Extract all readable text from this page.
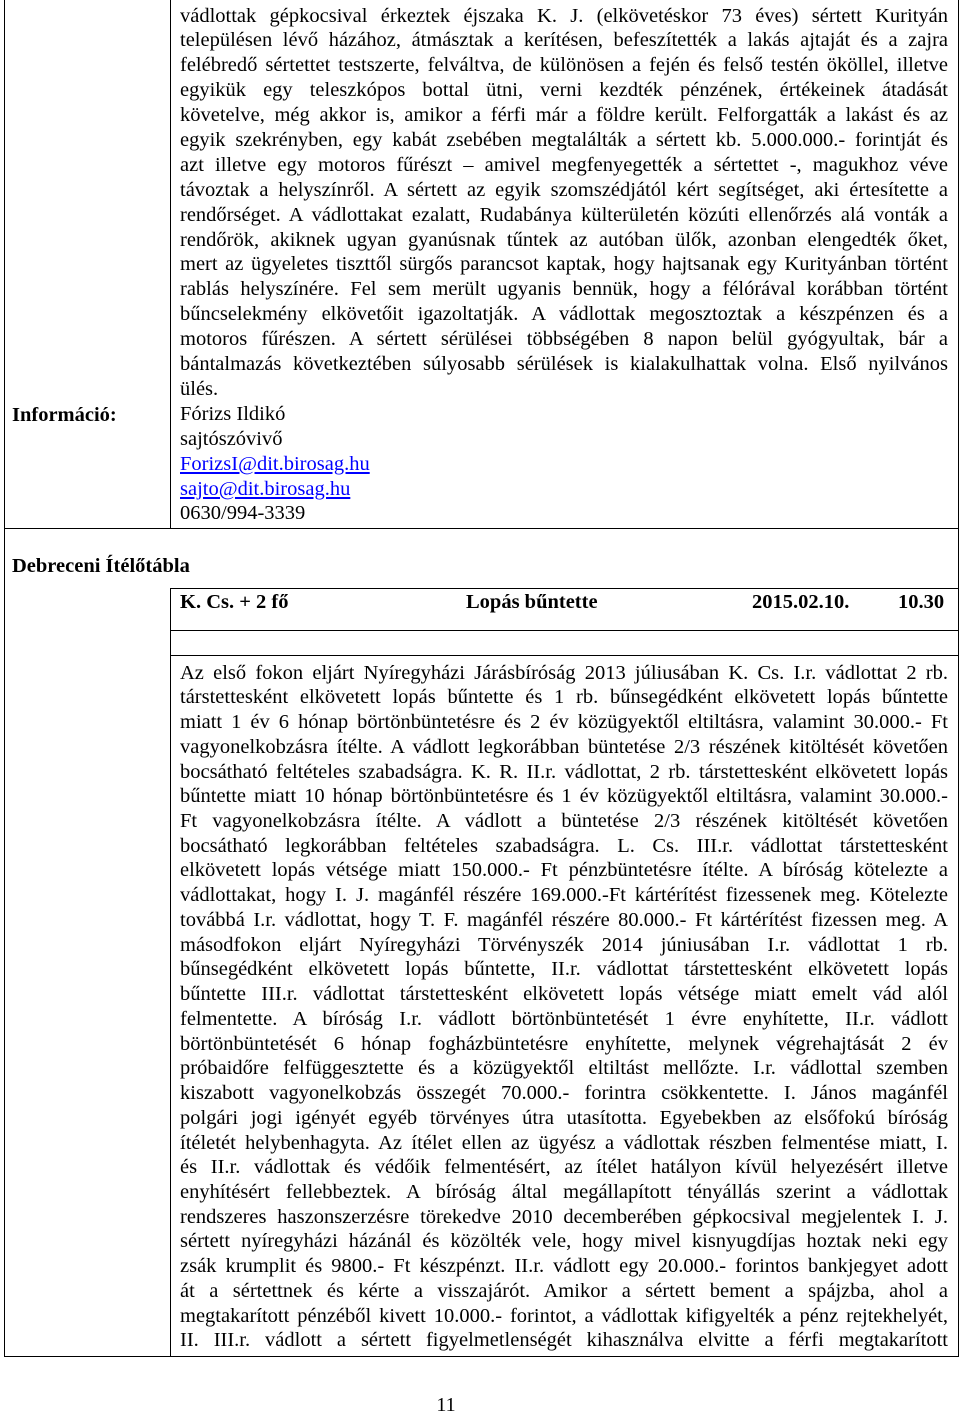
Információ:
vádlottak gépkocsival érkeztek éjszaka K. J. (elkövetéskor 73 éves) sértett Kurityán
településen lévő házához, átmásztak a kerítésen, befeszítették a lakás ajtaját és a zajra
felébredő sértettet testszerte, felváltva, de különösen a fején és felső testén ököllel, illetve
egyikük egy teleszkópos bottal ütni, verni kezdték pénzének, értékeinek átadását
követelve, még akkor is, amikor a férfi már a földre került. Felforgatták a lakást és az
egyik szekrényben, egy kabát zsebében megtalálták a sértett kb. 5.000.000.- forintját és
azt illetve egy motoros fűrészt – amivel megfenyegették a sértettet -, magukhoz véve
távoztak a helyszínről. A sértett az egyik szomszédjától kért segítséget, aki értesítette a
rendőrséget. A vádlottakat ezalatt, Rudabánya külterületén közúti ellenőrzés alá vonták a
rendőrök, akiknek ugyan gyanúsnak tűntek az autóban ülők, azonban elengedték őket,
mert az ügyeletes tiszttől sürgős parancsot kaptak, hogy hajtsanak egy Kurityánban történt
rablás helyszínére. Fel sem merült ugyanis bennük, hogy a félórával korábban történt
bűncselekmény elkövetőit igazoltatják. A vádlottak megosztoztak a készpénzen és a
motoros fűrészen. A sértett sérülései többségében 8 napon belül gyógyultak, bár a
bántalmazás következtében súlyosabb sérülések is kialakulhattak volna. Első nyilvános
ülés.
Fórizs Ildikó
sajtószóvivő
ForizsI@dit.birosag.hu
sajto@dit.birosag.hu
0630/994-3339
Debreceni Ítélőtábla
K. Cs. + 2 fő	Lopás bűntette	2015.02.10. 10.30
Az első fokon eljárt Nyíregyházi Járásbíróság 2013 júliusában K. Cs. I.r. vádlottat 2 rb.
társtettesként elkövetett lopás bűntette és 1 rb. bűnsegédként elkövetett lopás bűntette
miatt 1 év 6 hónap börtönbüntetésre és 2 év közügyektől eltiltásra, valamint 30.000.- Ft
vagyonelkobzásra ítélte. A vádlott legkorábban büntetése 2/3 részének kitöltését követően
bocsátható feltételes szabadságra. K. R. II.r. vádlottat, 2 rb. társtettesként elkövetett lopás
bűntette miatt 10 hónap börtönbüntetésre és 1 év közügyektől eltiltásra, valamint 30.000.-
Ft vagyonelkobzásra ítélte. A vádlott a büntetése 2/3 részének kitöltését követően
bocsátható legkorábban feltételes szabadságra. L. Cs. III.r. vádlottat társtettesként
elkövetett lopás vétsége miatt 150.000.- Ft pénzbüntetésre ítélte. A bíróság kötelezte a
vádlottakat, hogy I. J. magánfél részére 169.000.-Ft kártérítést fizessenek meg. Kötelezte
továbbá I.r. vádlottat, hogy T. F. magánfél részére 80.000.- Ft kártérítést fizessen meg. A
másodfokon eljárt Nyíregyházi Törvényszék 2014 júniusában I.r. vádlottat 1 rb.
bűnsegédként elkövetett lopás bűntette, II.r. vádlottat társtettesként elkövetett lopás
bűntette III.r. vádlottat társtettesként elkövetett lopás vétsége miatt emelt vád alól
felmentette. A bíróság I.r. vádlott börtönbüntetését 1 évre enyhítette, II.r. vádlott
börtönbüntetését 6 hónap fogházbüntetésre enyhítette, melynek végrehajtását 2 év
próbaidőre felfüggesztette és a közügyektől eltiltást mellőzte. I.r. vádlottal szemben
kiszabott vagyonelkobzás összegét 70.000.- forintra csökkentette. I. János magánfél
polgári jogi igényét egyéb törvényes útra utasította. Egyebekben az elsőfokú bíróság
ítéletét helybenhagyta. Az ítélet ellen az ügyész a vádlottak részben felmentése miatt, I.
és II.r. vádlottak és védőik felmentésért, az ítélet hatályon kívül helyezésért illetve
enyhítésért fellebbeztek. A bíróság által megállapított tényállás szerint a vádlottak
rendszeres haszonszerzésre törekedve 2010 decemberében gépkocsival megjelentek I. J.
sértett nyíregyházi házánál és közölték vele, hogy mivel kisnyugdíjas hoztak neki egy
zsák krumplit és 9800.- Ft készpénzt. II.r. vádlott egy 20.000.- forintos bankjegyet adott
át a sértettnek és kérte a visszajárót. Amikor a sértett bement a spájzba, ahol a
megtakarított pénzéből kivett 10.000.- forintot, a vádlottak kifigyelték a pénz rejtekhelyét,
II. III.r. vádlott a sértett figyelmetlenségét kihasználva elvitte a férfi megtakarított
11
